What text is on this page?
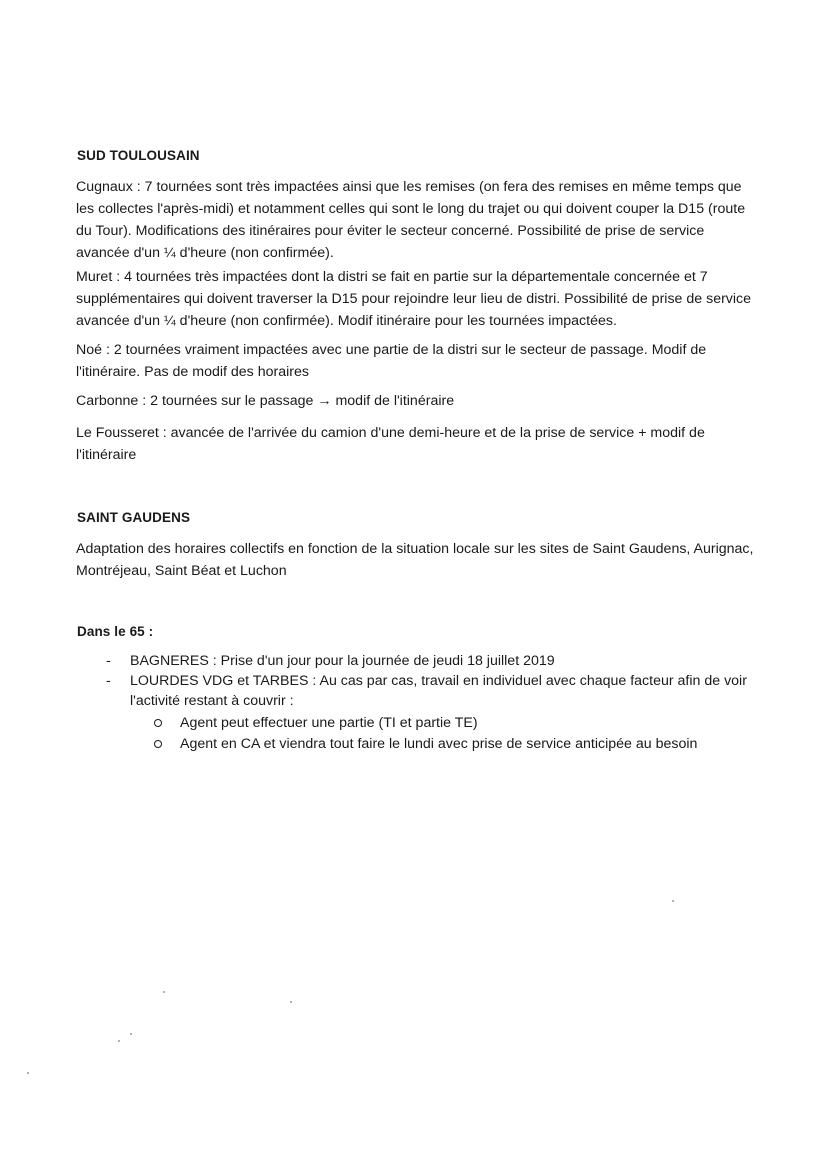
SUD TOULOUSAIN

Cugnaux : 7 tournées sont très impactées ainsi que les remises (on fera des remises en même temps que les collectes l'après-midi) et notamment celles qui sont le long du trajet ou qui doivent couper la D15 (route du Tour). Modifications des itinéraires pour éviter le secteur concerné. Possibilité de prise de service avancée d'un ¼ d'heure (non confirmée).

Muret : 4 tournées très impactées dont la distri se fait en partie sur la départementale concernée et 7 supplémentaires qui doivent traverser la D15 pour rejoindre leur lieu de distri. Possibilité de prise de service avancée d'un ¼ d'heure (non confirmée). Modif itinéraire pour les tournées impactées.

Noé : 2 tournées vraiment impactées avec une partie de la distri sur le secteur de passage. Modif de l'itinéraire. Pas de modif des horaires

Carbonne : 2 tournées sur le passage → modif de l'itinéraire

Le Fousseret : avancée de l'arrivée du camion d'une demi-heure et de la prise de service + modif de l'itinéraire

SAINT GAUDENS

Adaptation des horaires collectifs en fonction de la situation locale sur les sites de Saint Gaudens, Aurignac, Montréjeau, Saint Béat et Luchon

Dans le 65 :
-	BAGNERES : Prise d'un jour pour la journée de jeudi 18 juillet 2019
-	LOURDES VDG et TARBES : Au cas par cas, travail en individuel avec chaque facteur afin de voir l'activité restant à couvrir :
Agent peut effectuer une partie (TI et partie TE)
Agent en CA et viendra tout faire le lundi avec prise de service anticipée au besoin
